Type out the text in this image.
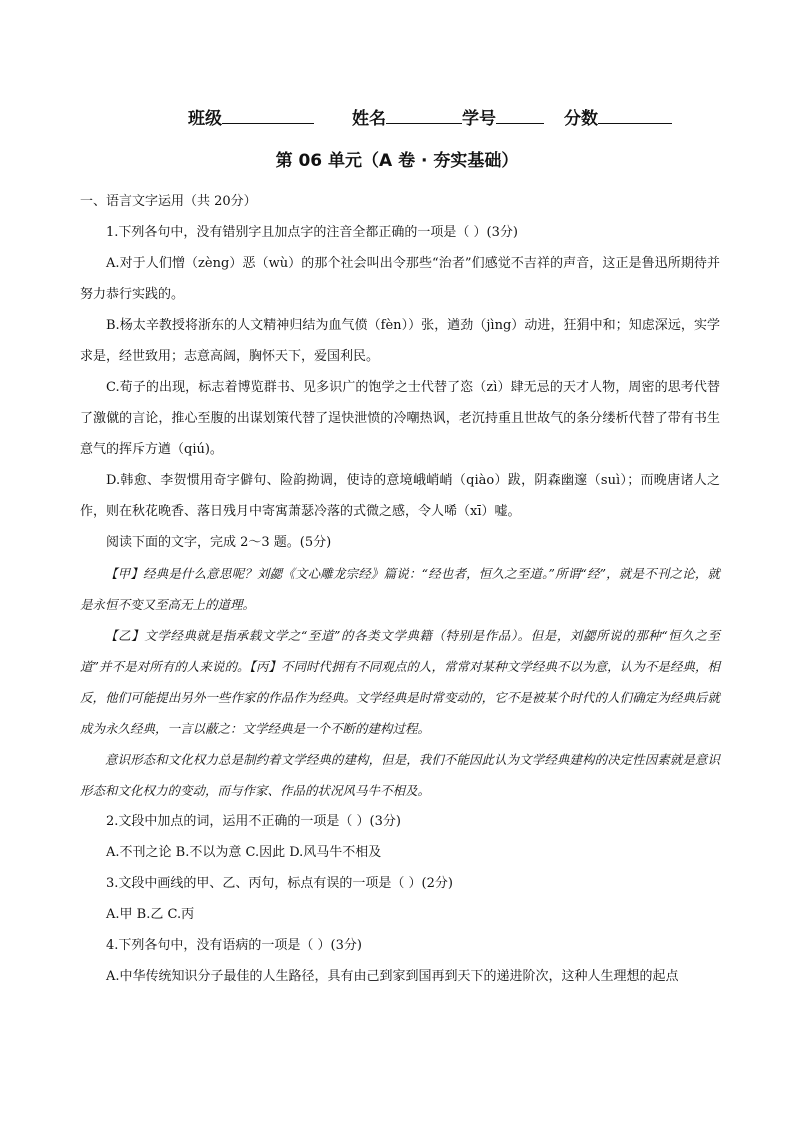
班级	姓名	学号	分数
第 06 单元（A 卷 · 夯实基础）

一、语言文字运用（共 20分）

1.下列各句中，没有错别字且加点字的注音全都正确的一项是（ ）(3分)

A.对于人们憎（zèng）恶（wù）的那个社会叫出令那些“治者”们感觉不吉祥的声音，这正是鲁迅所期待并努力恭行实践的。

B.杨太辛教授将浙东的人文精神归结为血气偾（fèn））张，遒劲（jìng）动进，狂狷中和；知虑深远，实学求是，经世致用；志意高阔，胸怀天下，爱国利民。

C.荀子的出现，标志着博览群书、见多识广的饱学之士代替了恣（zì）肆无忌的天才人物，周密的思考代替了激僦的言论，推心至腹的出谋划策代替了逞快泄愤的冷嘲热讽，老沉持重且世故气的条分缕析代替了带有书生意气的挥斥方遒（qiú)。

D.韩愈、李贺惯用奇字僻句、险韵拗调，使诗的意境峨峭峭（qiào）跋，阴森幽邃（suì）；而晚唐诸人之作，则在秋花晚香、落日残月中寄寓萧瑟冷落的式微之感，令人唏（xī）嘘。

阅读下面的文字，完成 2～3 题。(5分)

【甲】经典是什么意思呢？刘勰《文心雕龙宗经》篇说：“经也者，恒久之至道。”所谓“经”，就是不刊之论，就是永恒不变又至高无上的道理。

【乙】文学经典就是指承载文学之“至道”的各类文学典籍（特别是作品）。但是，刘勰所说的那种“恒久之至道”并不是对所有的人来说的。【丙】不同时代拥有不同观点的人，常常对某种文学经典不以为意，认为不是经典，相反，他们可能提出另外一些作家的作品作为经典。文学经典是时常变动的，它不是被某个时代的人们确定为经典后就成为永久经典，一言以蔽之：文学经典是一个不断的建构过程。

意识形态和文化权力总是制约着文学经典的建构，但是，我们不能因此认为文学经典建构的决定性因素就是意识形态和文化权力的变动，而与作家、作品的状况风马牛不相及。

2.文段中加点的词，运用不正确的一项是（ ）(3分)

A.不刊之论 B.不以为意 C.因此 D.风马牛不相及

3.文段中画线的甲、乙、丙句，标点有误的一项是（ ）(2分)

A.甲 B.乙 C.丙

4.下列各句中，没有语病的一项是（ ）(3分)

A.中华传统知识分子最佳的人生路径，具有由己到家到国再到天下的递进阶次，这种人生理想的起点
